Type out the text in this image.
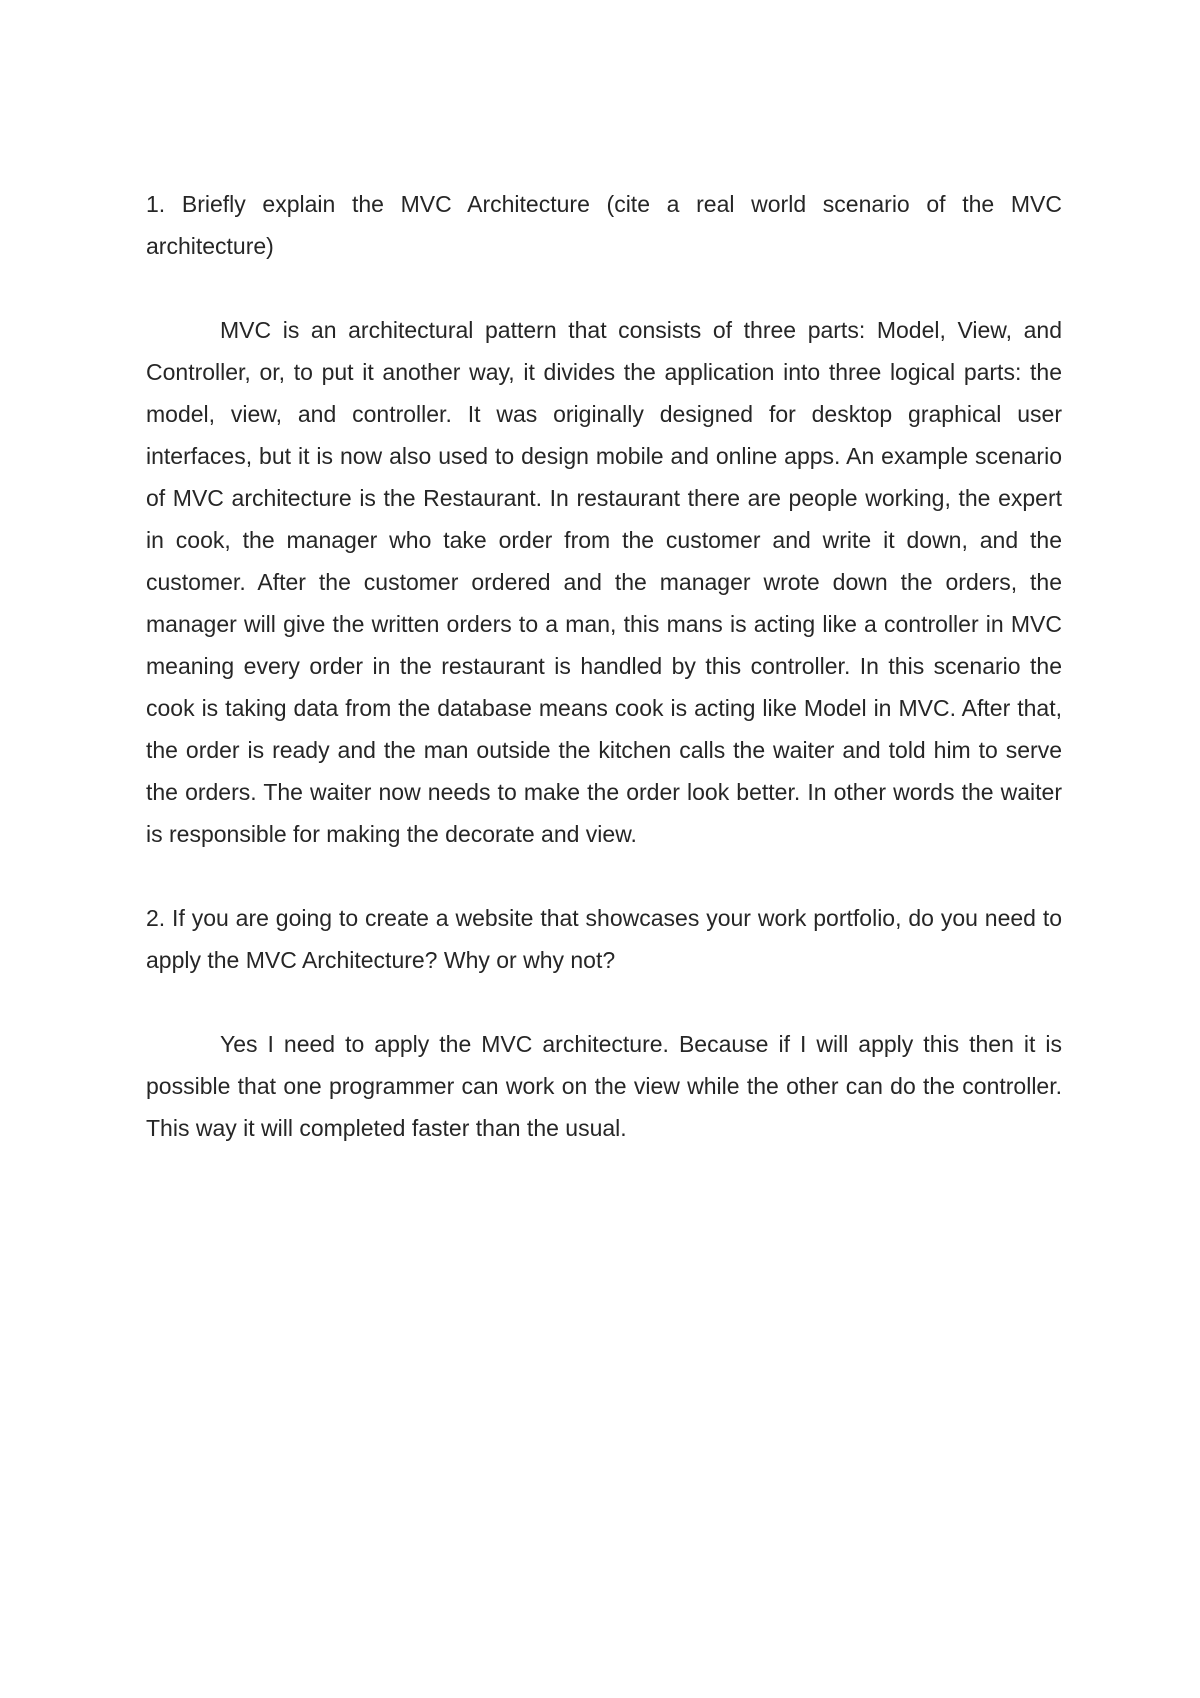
1. Briefly explain the MVC Architecture (cite a real world scenario of the MVC architecture)

MVC is an architectural pattern that consists of three parts: Model, View, and Controller, or, to put it another way, it divides the application into three logical parts: the model, view, and controller. It was originally designed for desktop graphical user interfaces, but it is now also used to design mobile and online apps. An example scenario of MVC architecture is the Restaurant. In restaurant there are people working, the expert in cook, the manager who take order from the customer and write it down, and the customer. After the customer ordered and the manager wrote down the orders, the manager will give the written orders to a man, this mans is acting like a controller in MVC meaning every order in the restaurant is handled by this controller. In this scenario the cook is taking data from the database means cook is acting like Model in MVC. After that, the order is ready and the man outside the kitchen calls the waiter and told him to serve the orders. The waiter now needs to make the order look better. In other words the waiter is responsible for making the decorate and view.

2. If you are going to create a website that showcases your work portfolio, do you need to apply the MVC Architecture? Why or why not?

Yes I need to apply the MVC architecture. Because if I will apply this then it is possible that one programmer can work on the view while the other can do the controller. This way it will completed faster than the usual.
